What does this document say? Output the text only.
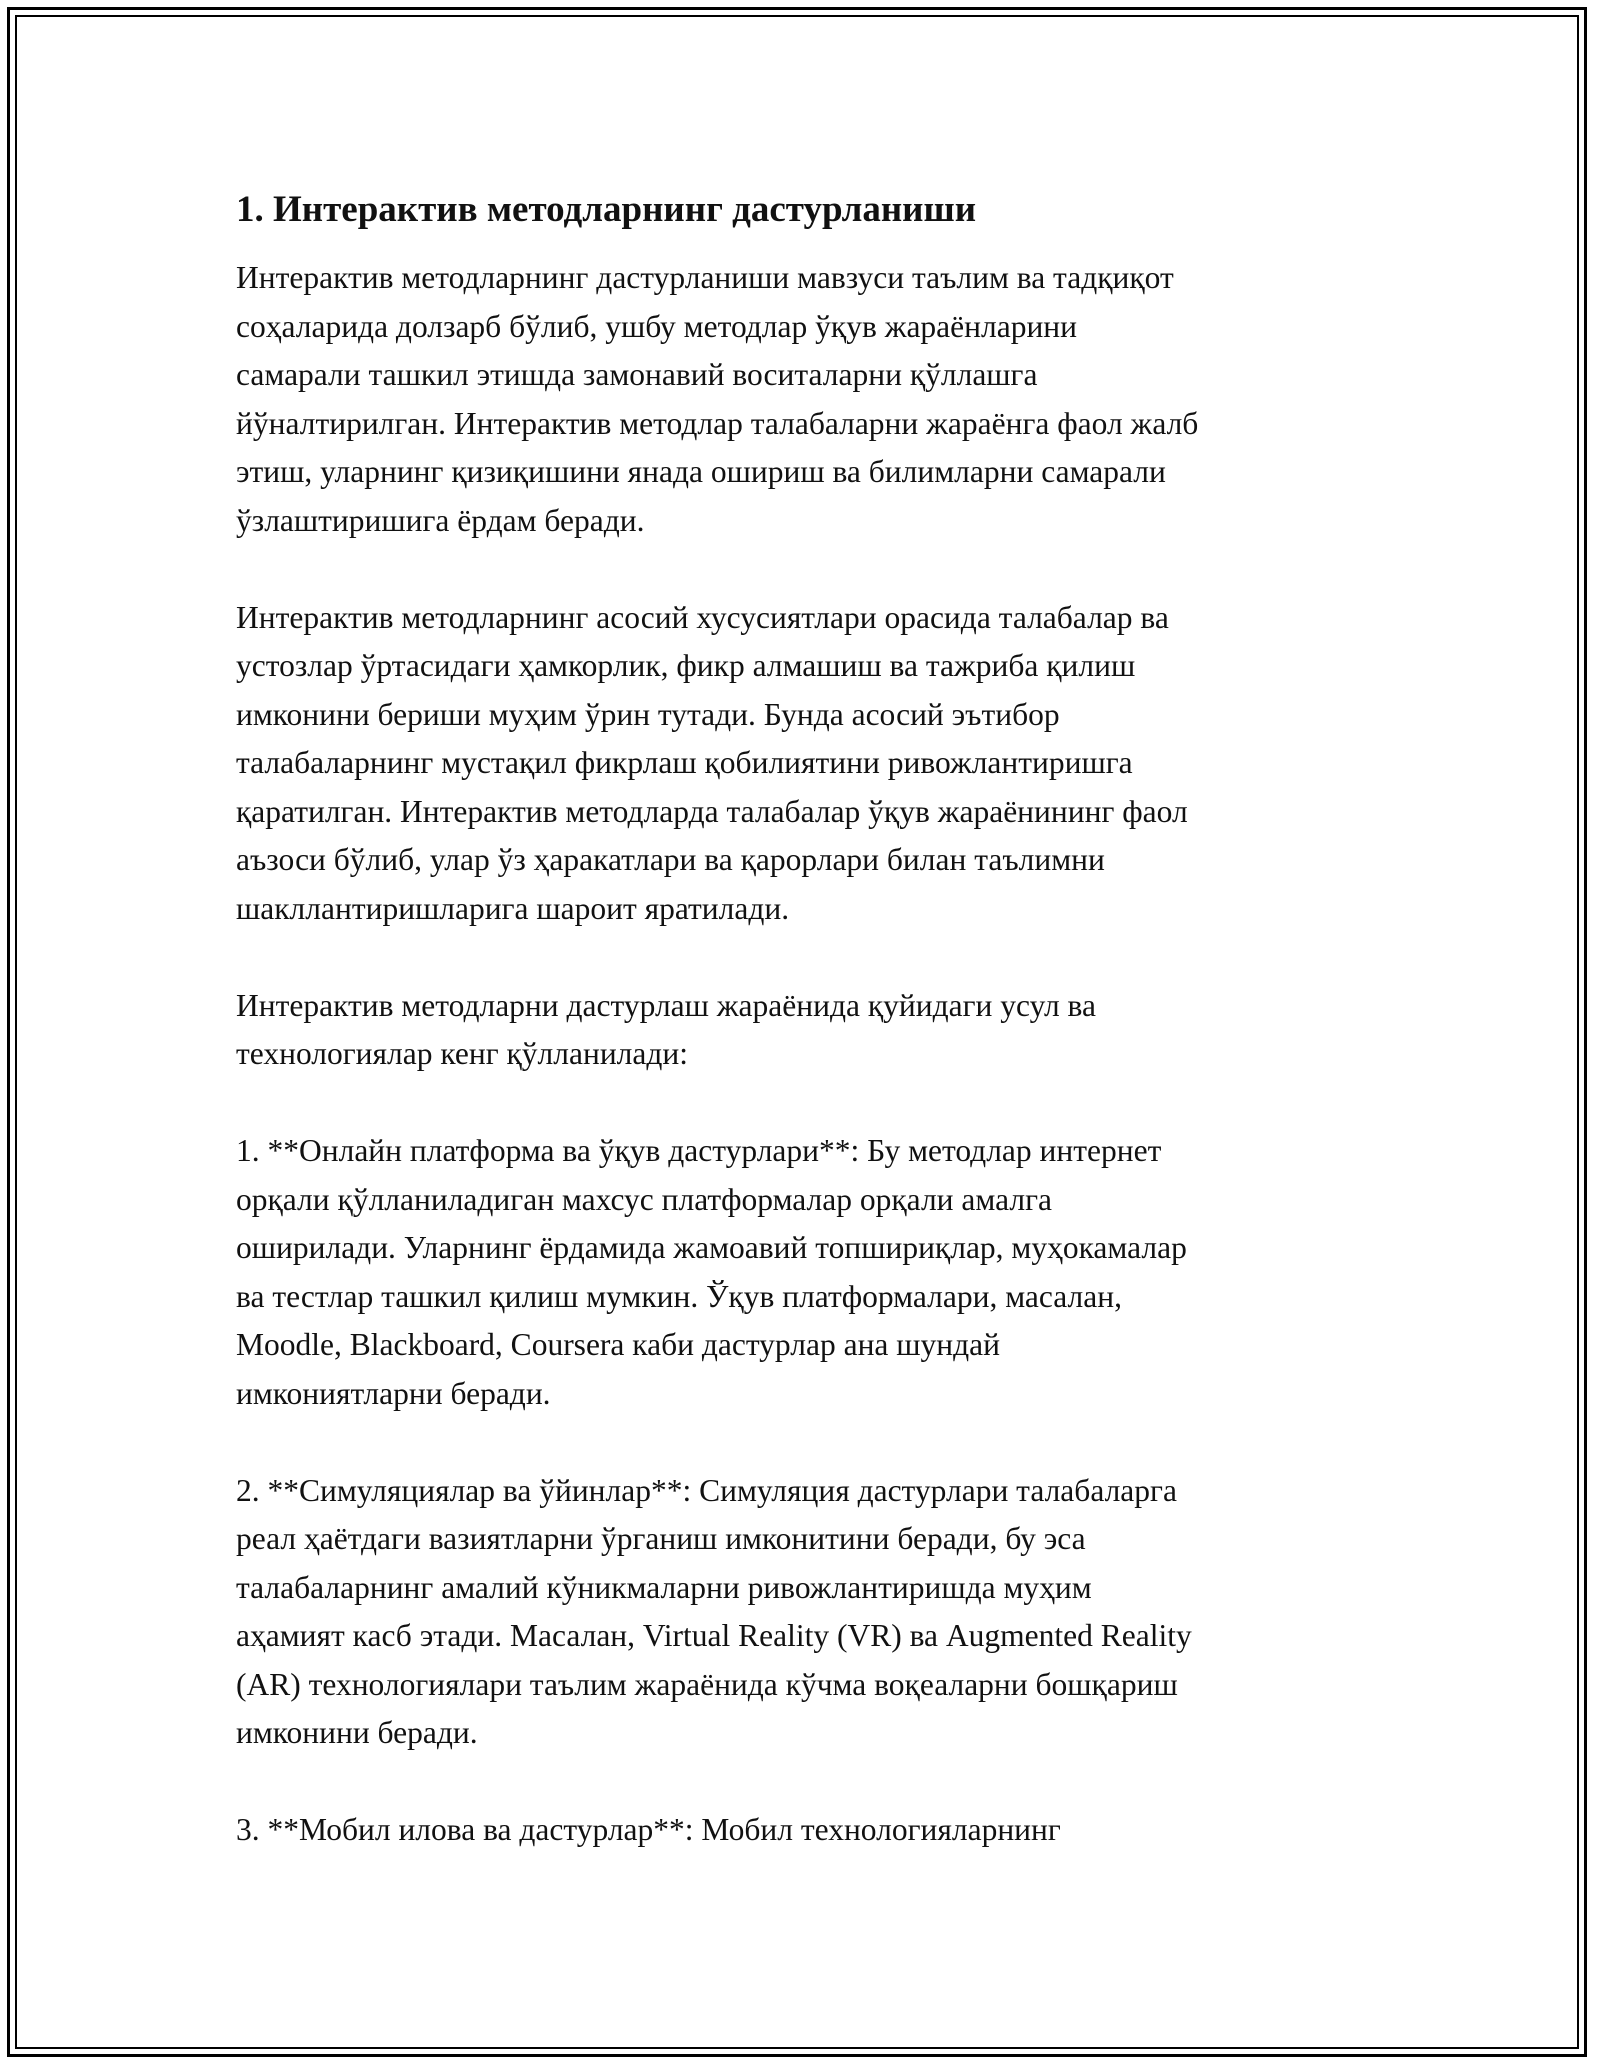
1. Интерактив методларнинг дастурланиши
Интерактив методларнинг дастурланиши мавзуси таълим ва тадқиқот
соҳаларида долзарб бўлиб, ушбу методлар ўқув жараёнларини
самарали ташкил этишда замонавий воситаларни қўллашга
йўналтирилган. Интерактив методлар талабаларни жараёнга фаол жалб
этиш, уларнинг қизиқишини янада ошириш ва билимларни самарали
ўзлаштиришига ёрдам беради.
Интерактив методларнинг асосий хусусиятлари орасида талабалар ва
устозлар ўртасидаги ҳамкорлик, фикр алмашиш ва тажриба қилиш
имконини бериши муҳим ўрин тутади. Бунда асосий эътибор
талабаларнинг мустақил фикрлаш қобилиятини ривожлантиришга
қаратилган. Интерактив методларда талабалар ўқув жараёнининг фаол
аъзоси бўлиб, улар ўз ҳаракатлари ва қарорлари билан таълимни
шакллантиришларига шароит яратилади.
Интерактив методларни дастурлаш жараёнида қуйидаги усул ва
технологиялар кенг қўлланилади:
1. **Онлайн платформа ва ўқув дастурлари**: Бу методлар интернет
орқали қўлланиладиган махсус платформалар орқали амалга
оширилади. Уларнинг ёрдамида жамоавий топшириқлар, муҳокамалар
ва тестлар ташкил қилиш мумкин. Ўқув платформалари, масалан,
Moodle, Blackboard, Coursera каби дастурлар ана шундай
имкониятларни беради.
2. **Симуляциялар ва ўйинлар**: Симуляция дастурлари талабаларга
реал ҳаётдаги вазиятларни ўрганиш имконитини беради, бу эса
талабаларнинг амалий кўникмаларни ривожлантиришда муҳим
аҳамият касб этади. Масалан, Virtual Reality (VR) ва Augmented Reality
(AR) технологиялари таълим жараёнида кўчма воқеаларни бошқариш
имконини беради.
3. **Мобил илова ва дастурлар**: Мобил технологияларнинг
